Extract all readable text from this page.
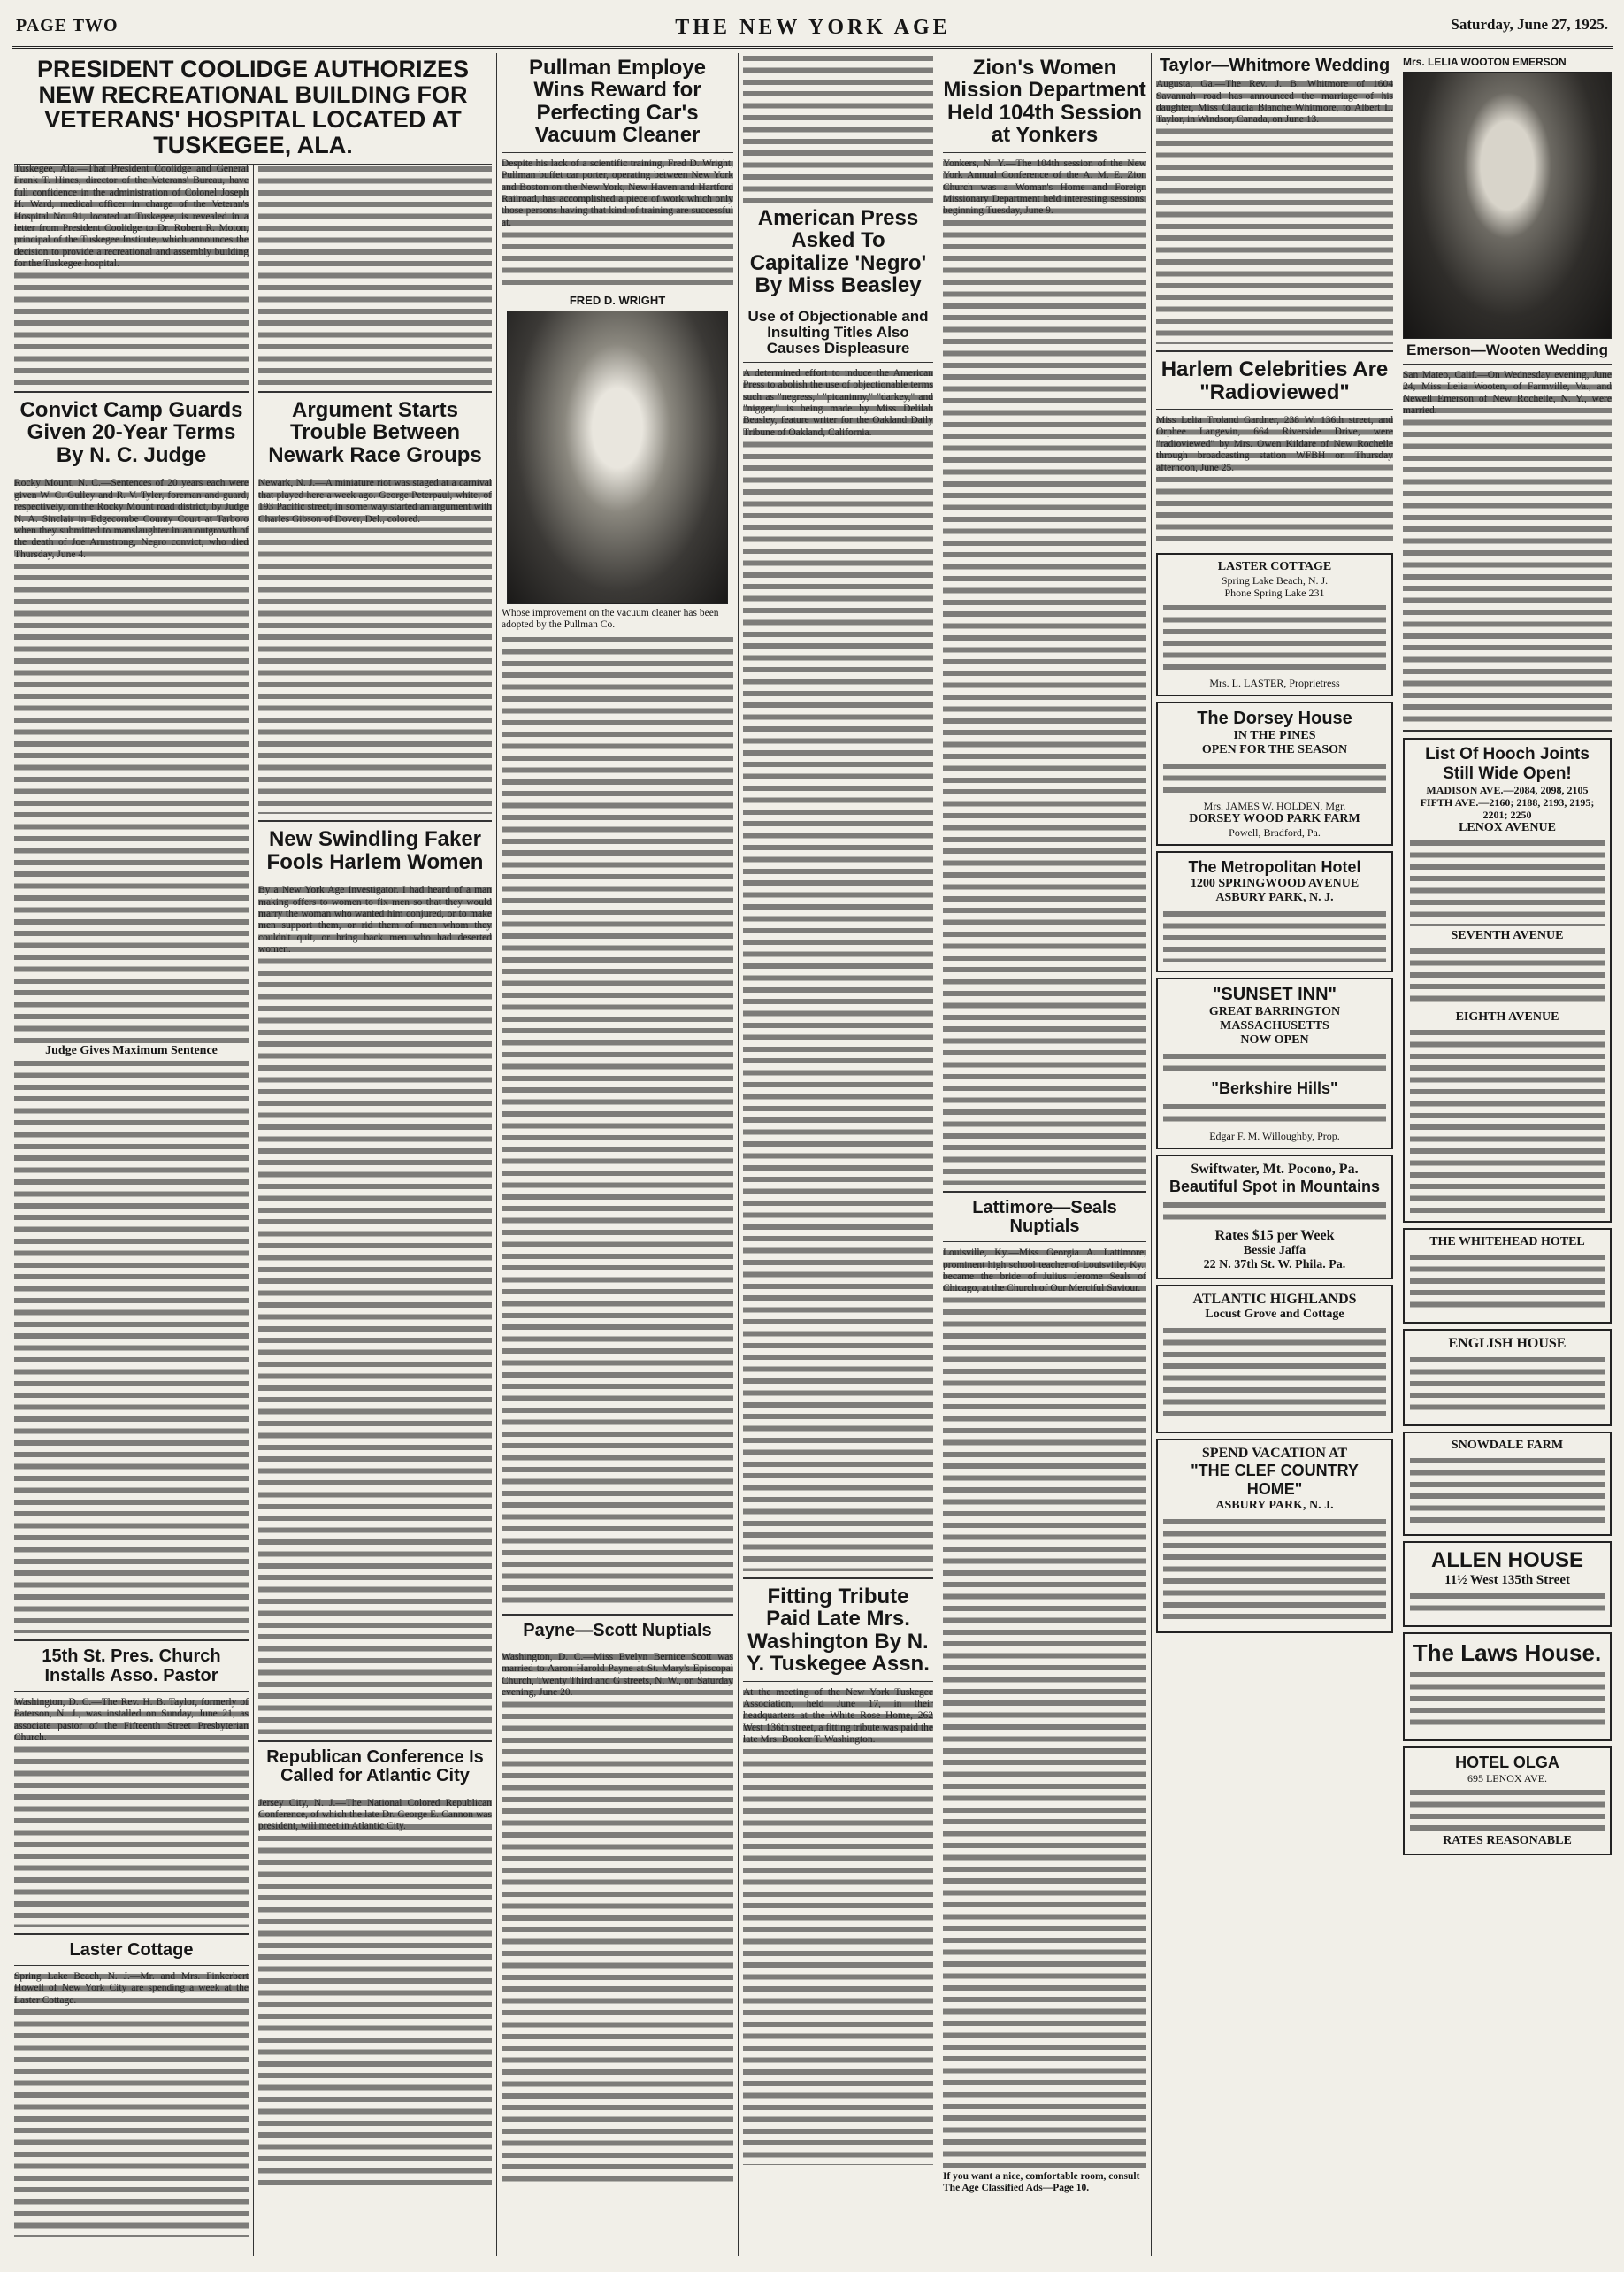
PAGE TWO	THE NEW YORK AGE	Saturday, June 27, 1925.
PRESIDENT COOLIDGE AUTHORIZES NEW RECREATIONAL BUILDING FOR VETERANS' HOSPITAL LOCATED AT TUSKEGEE, ALA.
Tuskegee, Ala.—That President Coolidge and General Frank T. Hines, director of the Veterans' Bureau, have full confidence in the administration of Colonel Joseph H. Ward, medical officer in charge of the Veteran's Hospital No. 91, located at Tuskegee, is revealed in a letter from President Coolidge to Dr. Robert R. Moton, principal of the Tuskegee Institute, which announces the decision to provide a recreational and assembly building for the Tuskegee hospital.
Convict Camp Guards Given 20-Year Terms By N. C. Judge
Rocky Mount, N. C.—Sentences of 20 years each were given W. C. Gulley and R. V. Tyler, foreman and guard, respectively, on the Rocky Mount road district, by Judge N. A. Sinclair in Edgecombe County Court at Tarboro when they submitted to manslaughter in an outgrowth of the death of Joe Armstrong, Negro convict, who died Thursday, June 4.
Judge Gives Maximum Sentence
15th St. Pres. Church Installs Asso. Pastor
Washington, D. C.—The Rev. H. B. Taylor, formerly of Paterson, N. J., was installed on Sunday, June 21, as associate pastor of the Fifteenth Street Presbyterian Church.
Laster Cottage
Spring Lake Beach, N. J.—Mr. and Mrs. Finkerbert Howell of New York City are spending a week at the Laster Cottage.
Argument Starts Trouble Between Newark Race Groups
Newark, N. J.—A miniature riot was staged at a carnival that played here a week ago. George Peterpaul, white, of 193 Pacific street, in some way started an argument with Charles Gibson of Dover, Del., colored.
New Swindling Faker Fools Harlem Women
By a New York Age Investigator. I had heard of a man making offers to women to fix men so that they would marry the woman who wanted him conjured, or to make men support them, or rid them of men whom they couldn't quit, or bring back men who had deserted women.
Republican Conference Is Called for Atlantic City
Jersey City, N. J.—The National Colored Republican Conference, of which the late Dr. George E. Cannon was president, will meet in Atlantic City.
Pullman Employe Wins Reward for Perfecting Car's Vacuum Cleaner
Despite his lack of a scientific training, Fred D. Wright, Pullman buffet car porter, operating between New York and Boston on the New York, New Haven and Hartford Railroad, has accomplished a piece of work which only those persons having that kind of training are successful at.
FRED D. WRIGHT
Whose improvement on the vacuum cleaner has been adopted by the Pullman Co.
Payne—Scott Nuptials
Washington, D. C.—Miss Evelyn Bernice Scott was married to Aaron Harold Payne at St. Mary's Episcopal Church, Twenty Third and G streets, N. W., on Saturday evening, June 20.
American Press Asked To Capitalize 'Negro' By Miss Beasley
Use of Objectionable and Insulting Titles Also Causes Displeasure
A determined effort to induce the American Press to abolish the use of objectionable terms such as "negress," "picaninny," "darkey," and "nigger," is being made by Miss Delilah Beasley, feature writer for the Oakland Daily Tribune of Oakland, California.
Fitting Tribute Paid Late Mrs. Washington By N. Y. Tuskegee Assn.
At the meeting of the New York Tuskegee Association, held June 17, in their headquarters at the White Rose Home, 262 West 136th street, a fitting tribute was paid the late Mrs. Booker T. Washington.
Zion's Women Mission Department Held 104th Session at Yonkers
Yonkers, N. Y.—The 104th session of the New York Annual Conference of the A. M. E. Zion Church was a Woman's Home and Foreign Missionary Department held interesting sessions, beginning Tuesday, June 9.
Lattimore—Seals Nuptials
Louisville, Ky.—Miss Georgia A. Lattimore, prominent high school teacher of Louisville, Ky., became the bride of Julius Jerome Seals of Chicago, at the Church of Our Merciful Saviour.
If you want a nice, comfortable room, consult The Age Classified Ads—Page 10.
Taylor—Whitmore Wedding
Augusta, Ga.—The Rev. J. B. Whitmore of 1604 Savannah road has announced the marriage of his daughter, Miss Claudia Blanche Whitmore, to Albert L. Taylor, in Windsor, Canada, on June 13.
Harlem Celebrities Are "Radioviewed"
Miss Lelia Troland Gardner, 238 W. 136th street, and Orphee Langevin, 664 Riverside Drive, were "radioviewed" by Mrs. Owen Kildare of New Rochelle through broadcasting station WFBH on Thursday afternoon, June 25.
LASTER COTTAGE
Spring Lake Beach, N. J.
Phone Spring Lake 231
Mrs. L. LASTER, Proprietress
The Dorsey House
IN THE PINES
OPEN FOR THE SEASON
Mrs. JAMES W. HOLDEN, Mgr.
DORSEY WOOD PARK FARM
Powell, Bradford, Pa.
The Metropolitan Hotel
1200 SPRINGWOOD AVENUE
ASBURY PARK, N. J.
"SUNSET INN"
GREAT BARRINGTON
MASSACHUSETTS
NOW OPEN
"Berkshire Hills"
Edgar F. M. Willoughby, Prop.
Swiftwater, Mt. Pocono, Pa.
Beautiful Spot in Mountains
Rates $15 per Week
Bessie Jaffa
22 N. 37th St. W. Phila. Pa.
ATLANTIC HIGHLANDS
Locust Grove and Cottage
SPEND VACATION AT
"THE CLEF COUNTRY HOME"
ASBURY PARK, N. J.
Mrs. LELIA WOOTON EMERSON
Emerson—Wooten Wedding
San Mateo, Calif.—On Wednesday evening, June 24, Miss Lelia Wooten, of Farmville, Va., and Newell Emerson of New Rochelle, N. Y., were married.
List Of Hooch Joints Still Wide Open!
MADISON AVE.—2084, 2098, 2105
FIFTH AVE.—2160; 2188, 2193, 2195; 2201; 2250
LENOX AVENUE
SEVENTH AVENUE
EIGHTH AVENUE
THE WHITEHEAD HOTEL
ENGLISH HOUSE
SNOWDALE FARM
ALLEN HOUSE
11½ West 135th Street
The Laws House.
HOTEL OLGA
695 LENOX AVE.
RATES REASONABLE
